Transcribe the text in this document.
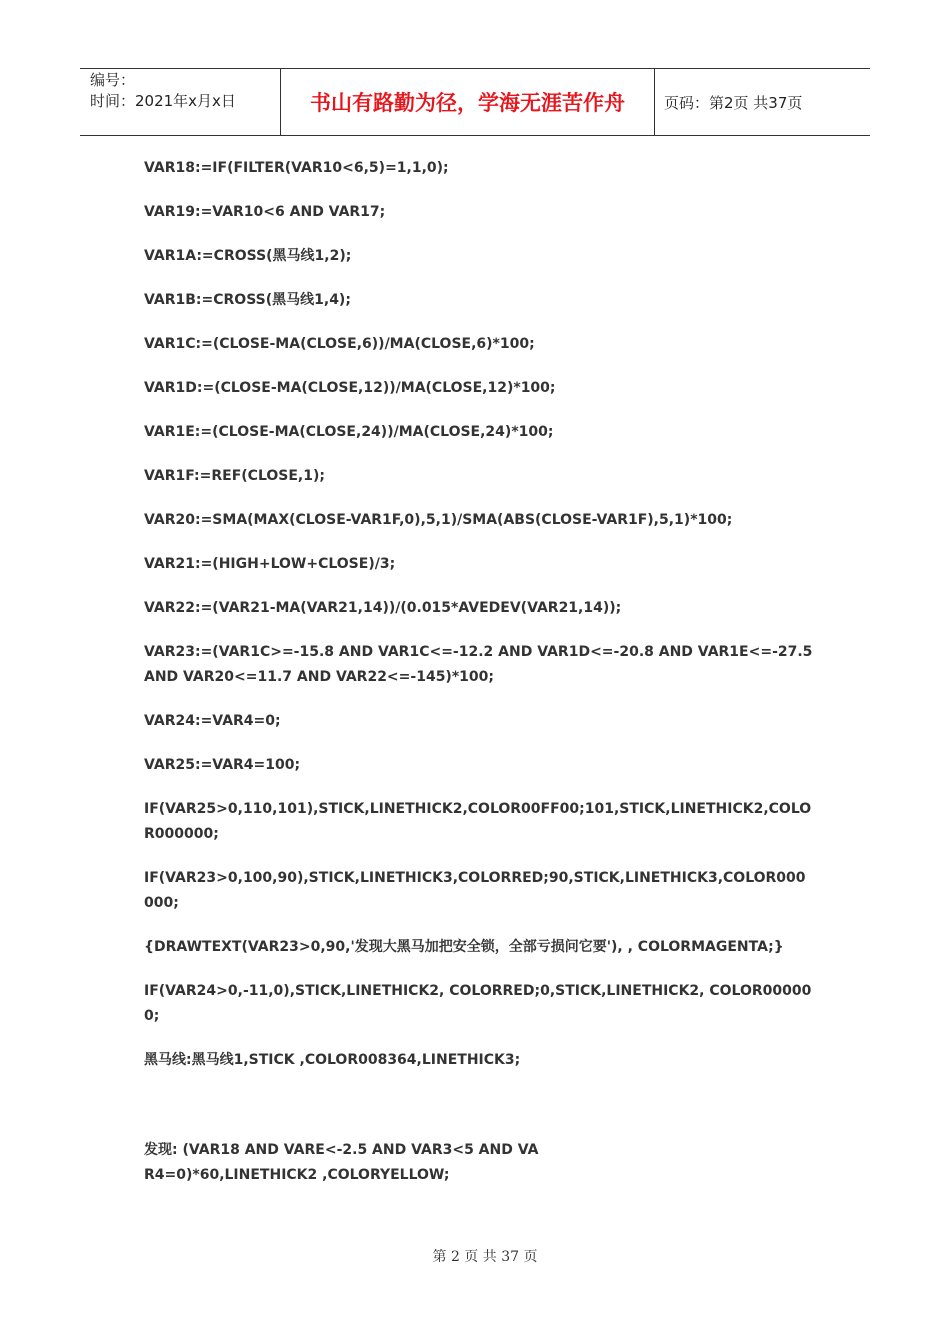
编号：
时间：2021年x月x日	书山有路勤为径，学海无涯苦作舟	页码：第2页 共37页
VAR18:=IF(FILTER(VAR10<6,5)=1,1,0);
VAR19:=VAR10<6 AND VAR17;
VAR1A:=CROSS(黑马线1,2);
VAR1B:=CROSS(黑马线1,4);
VAR1C:=(CLOSE-MA(CLOSE,6))/MA(CLOSE,6)*100;
VAR1D:=(CLOSE-MA(CLOSE,12))/MA(CLOSE,12)*100;
VAR1E:=(CLOSE-MA(CLOSE,24))/MA(CLOSE,24)*100;
VAR1F:=REF(CLOSE,1);
VAR20:=SMA(MAX(CLOSE-VAR1F,0),5,1)/SMA(ABS(CLOSE-VAR1F),5,1)*100;
VAR21:=(HIGH+LOW+CLOSE)/3;
VAR22:=(VAR21-MA(VAR21,14))/(0.015*AVEDEV(VAR21,14));
VAR23:=(VAR1C>=-15.8 AND VAR1C<=-12.2 AND VAR1D<=-20.8 AND VAR1E<=-27.5 AND VAR20<=11.7 AND VAR22<=-145)*100;
VAR24:=VAR4=0;
VAR25:=VAR4=100;
IF(VAR25>0,110,101),STICK,LINETHICK2,COLOR00FF00;101,STICK,LINETHICK2,COLOR000000;
IF(VAR23>0,100,90),STICK,LINETHICK3,COLORRED;90,STICK,LINETHICK3,COLOR000000;
{DRAWTEXT(VAR23>0,90,'发现大黑马加把安全锁，全部亏损问它要'), , COLORMAGENTA;}
IF(VAR24>0,-11,0),STICK,LINETHICK2, COLORRED;0,STICK,LINETHICK2, COLOR000000;
黑马线:黑马线1,STICK ,COLOR008364,LINETHICK3;
发现: (VAR18 AND VARE<-2.5 AND VAR3<5 AND VAR4=0)*60,LINETHICK2 ,COLORYELLOW;
第 2 页 共 37 页
